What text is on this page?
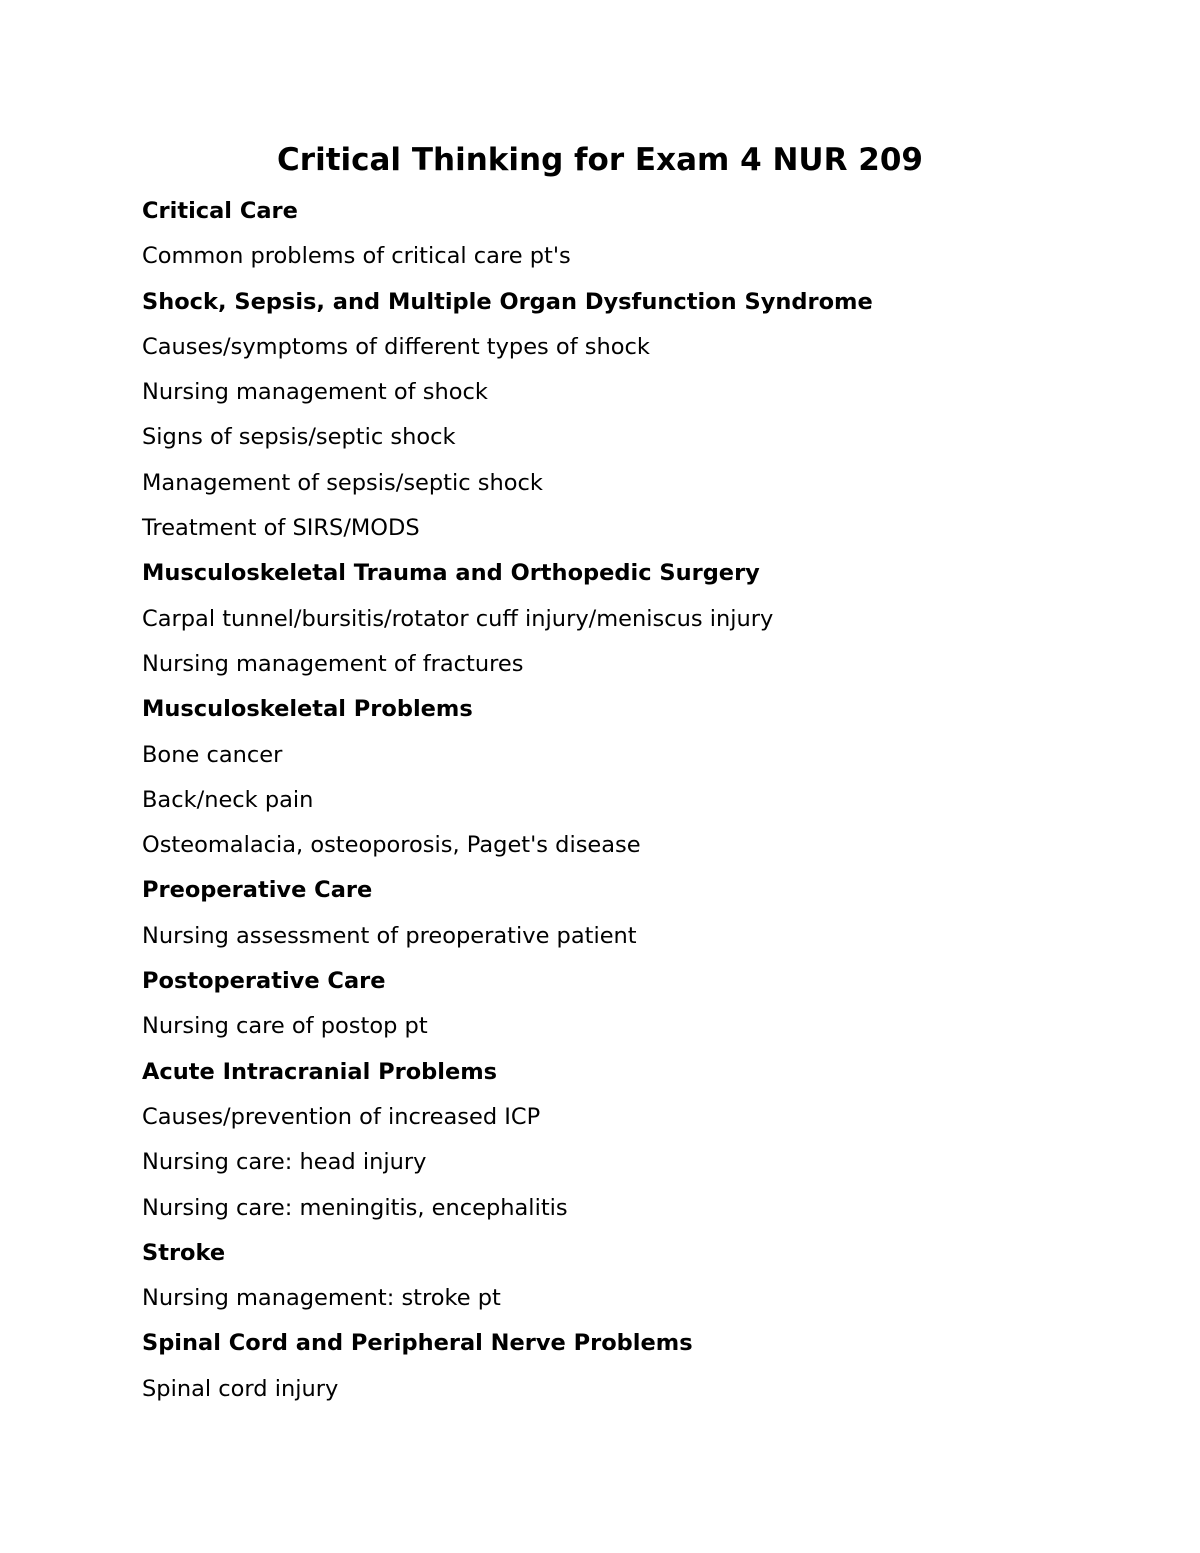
Critical Thinking for Exam 4 NUR 209
Critical Care
Common problems of critical care pt's
Shock, Sepsis, and Multiple Organ Dysfunction Syndrome
Causes/symptoms of different types of shock
Nursing management of shock
Signs of sepsis/septic shock
Management of sepsis/septic shock
Treatment of SIRS/MODS
Musculoskeletal Trauma and Orthopedic Surgery
Carpal tunnel/bursitis/rotator cuff injury/meniscus injury
Nursing management of fractures
Musculoskeletal Problems
Bone cancer
Back/neck pain
Osteomalacia, osteoporosis, Paget's disease
Preoperative Care
Nursing assessment of preoperative patient
Postoperative Care
Nursing care of postop pt
Acute Intracranial Problems
Causes/prevention of increased ICP
Nursing care: head injury
Nursing care: meningitis, encephalitis
Stroke
Nursing management: stroke pt
Spinal Cord and Peripheral Nerve Problems
Spinal cord injury
